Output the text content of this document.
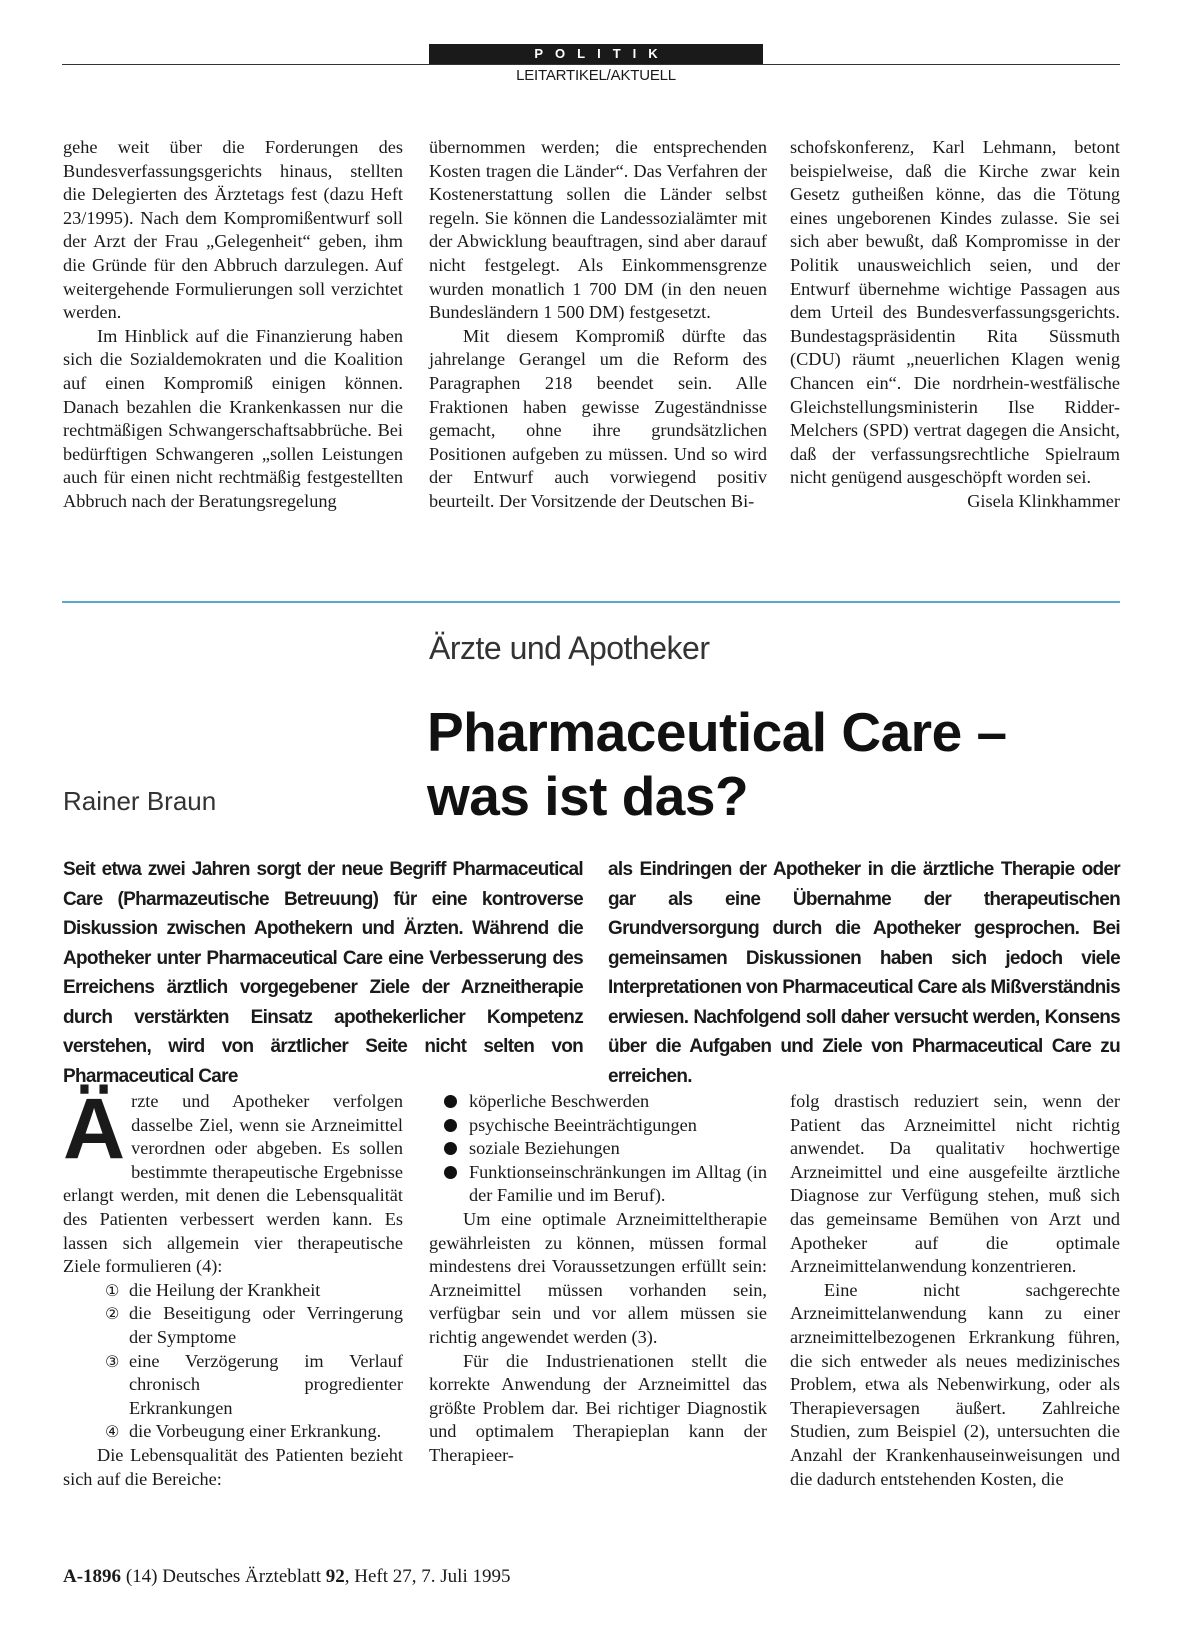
POLITIK
LEITARTIKEL/AKTUELL

gehe weit über die Forderungen des Bundesverfassungsgerichts hinaus, stellten die Delegierten des Ärztetags fest (dazu Heft 23/1995). Nach dem Kompromißentwurf soll der Arzt der Frau „Gelegenheit“ geben, ihm die Gründe für den Abbruch darzulegen. Auf weitergehende Formulierungen soll verzichtet werden.

Im Hinblick auf die Finanzierung haben sich die Sozialdemokraten und die Koalition auf einen Kompromiß einigen können. Danach bezahlen die Krankenkassen nur die rechtmäßigen Schwangerschaftsabbrüche. Bei bedürftigen Schwangeren „sollen Leistungen auch für einen nicht rechtmäßig festgestellten Abbruch nach der Beratungsregelung

übernommen werden; die entsprechenden Kosten tragen die Länder“. Das Verfahren der Kostenerstattung sollen die Länder selbst regeln. Sie können die Landessozialämter mit der Abwicklung beauftragen, sind aber darauf nicht festgelegt. Als Einkommensgrenze wurden monatlich 1 700 DM (in den neuen Bundesländern 1 500 DM) festgesetzt.

Mit diesem Kompromiß dürfte das jahrelange Gerangel um die Reform des Paragraphen 218 beendet sein. Alle Fraktionen haben gewisse Zugeständnisse gemacht, ohne ihre grundsätzlichen Positionen aufgeben zu müssen. Und so wird der Entwurf auch vorwiegend positiv beurteilt. Der Vorsitzende der Deutschen Bi-

schofskonferenz, Karl Lehmann, betont beispielweise, daß die Kirche zwar kein Gesetz gutheißen könne, das die Tötung eines ungeborenen Kindes zulasse. Sie sei sich aber bewußt, daß Kompromisse in der Politik unausweichlich seien, und der Entwurf übernehme wichtige Passagen aus dem Urteil des Bundesverfassungsgerichts. Bundestagspräsidentin Rita Süssmuth (CDU) räumt „neuerlichen Klagen wenig Chancen ein“. Die nordrhein-westfälische Gleichstellungsministerin Ilse Ridder-Melchers (SPD) vertrat dagegen die Ansicht, daß der verfassungsrechtliche Spielraum nicht genügend ausgeschöpft worden sei.

Gisela Klinkhammer

Ärzte und Apotheker
Pharmaceutical Care –
was ist das?
Rainer Braun
Seit etwa zwei Jahren sorgt der neue Begriff Pharmaceutical Care (Pharmazeutische Betreuung) für eine kontroverse Diskussion zwischen Apothekern und Ärzten. Während die Apotheker unter Pharmaceutical Care eine Verbesserung des Erreichens ärztlich vorgegebener Ziele der Arzneitherapie durch verstärkten Einsatz apothekerlicher Kompetenz verstehen, wird von ärztlicher Seite nicht selten von Pharmaceutical Care
als Eindringen der Apotheker in die ärztliche Therapie oder gar als eine Übernahme der therapeutischen Grundversorgung durch die Apotheker gesprochen. Bei gemeinsamen Diskussionen haben sich jedoch viele Interpretationen von Pharmaceutical Care als Mißverständnis erwiesen. Nachfolgend soll daher versucht werden, Konsens über die Aufgaben und Ziele von Pharmaceutical Care zu erreichen.

Ärzte und Apotheker verfolgen dasselbe Ziel, wenn sie Arzneimittel verordnen oder abgeben. Es sollen bestimmte therapeutische Ergebnisse erlangt werden, mit denen die Lebensqualität des Patienten verbessert werden kann. Es lassen sich allgemein vier therapeutische Ziele formulieren (4):

① die Heilung der Krankheit
② die Beseitigung oder Verringerung der Symptome
③ eine Verzögerung im Verlauf chronisch progredienter Erkrankungen
④ die Vorbeugung einer Erkrankung.

Die Lebensqualität des Patienten bezieht sich auf die Bereiche:

köperliche Beschwerden
psychische Beeinträchtigungen
soziale Beziehungen
Funktionseinschränkungen im Alltag (in der Familie und im Beruf).

Um eine optimale Arzneimitteltherapie gewährleisten zu können, müssen formal mindestens drei Voraussetzungen erfüllt sein: Arzneimittel müssen vorhanden sein, verfügbar sein und vor allem müssen sie richtig angewendet werden (3).

Für die Industrienationen stellt die korrekte Anwendung der Arzneimittel das größte Problem dar. Bei richtiger Diagnostik und optimalem Therapieplan kann der Therapieer-

folg drastisch reduziert sein, wenn der Patient das Arzneimittel nicht richtig anwendet. Da qualitativ hochwertige Arzneimittel und eine ausgefeilte ärztliche Diagnose zur Verfügung stehen, muß sich das gemeinsame Bemühen von Arzt und Apotheker auf die optimale Arzneimittelanwendung konzentrieren.

Eine nicht sachgerechte Arzneimittelanwendung kann zu einer arzneimittelbezogenen Erkrankung führen, die sich entweder als neues medizinisches Problem, etwa als Nebenwirkung, oder als Therapieversagen äußert. Zahlreiche Studien, zum Beispiel (2), untersuchten die Anzahl der Krankenhauseinweisungen und die dadurch entstehenden Kosten, die

A-1896 (14) Deutsches Ärzteblatt 92, Heft 27, 7. Juli 1995
